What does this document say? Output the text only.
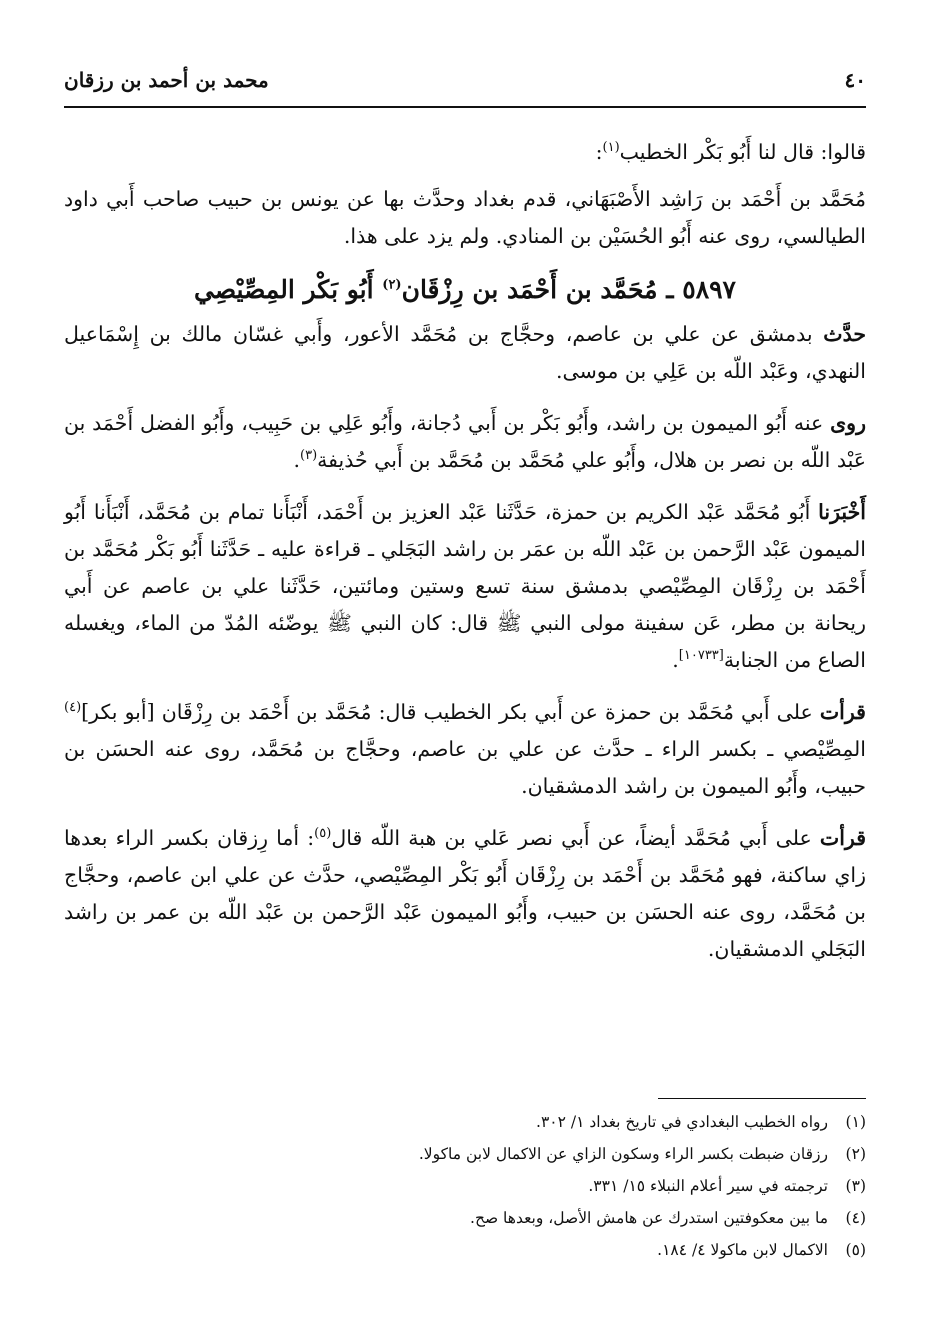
٤٠
محمد بن أحمد بن رزقان

قالوا: قال لنا أَبُو بَكْر الخطيب$^{(١)}$:

مُحَمَّد بن أَحْمَد بن رَاشِد الأَصْبَهَاني، قدم بغداد وحدَّث بها عن يونس بن حبيب صاحب أَبي داود الطيالسي، روى عنه أَبُو الحُسَيْن بن المنادي. ولم يزد على هذا.

٥٨٩٧ ـ مُحَمَّد بن أَحْمَد بن رِزْقَان$^{(٢)}$ أَبُو بَكْر المِصِّيْصِي

حدَّث بدمشق عن علي بن عاصم، وحجَّاج بن مُحَمَّد الأعور، وأَبي غسّان مالك بن إِسْمَاعيل النهدي، وعَبْد اللّه بن عَلِي بن موسى.

روى عنه أَبُو الميمون بن راشد، وأَبُو بَكْر بن أَبي دُجانة، وأَبُو عَلِي بن حَبِيب، وأَبُو الفضل أَحْمَد بن عَبْد اللّه بن نصر بن هلال، وأَبُو علي مُحَمَّد بن مُحَمَّد بن أَبي حُذيفة$^{(٣)}$.

أَخْبَرَنا أَبُو مُحَمَّد عَبْد الكريم بن حمزة، حَدَّثَنا عَبْد العزيز بن أَحْمَد، أَنْبَأَنا تمام بن مُحَمَّد، أَنْبَأَنا أَبُو الميمون عَبْد الرَّحمن بن عَبْد اللّه بن عمَر بن راشد البَجَلي ـ قراءة عليه ـ حَدَّثَنا أَبُو بَكْر مُحَمَّد بن أَحْمَد بن رِزْقَان المِصِّيْصي بدمشق سنة تسع وستين ومائتين، حَدَّثَنا علي بن عاصم عن أَبي ريحانة بن مطر، عَن سفينة مولى النبي ﷺ قال: كان النبي ﷺ يوضّئه المُدّ من الماء، ويغسله الصاع من الجنابة[١٠٧٣٣].

قرأت على أَبي مُحَمَّد بن حمزة عن أَبي بكر الخطيب قال: مُحَمَّد بن أَحْمَد بن رِزْقَان [أبو بكر]$^{(٤)}$ المِصِّيْصي ـ بكسر الراء ـ حدَّث عن علي بن عاصم، وحجَّاج بن مُحَمَّد، روى عنه الحسَن بن حبيب، وأَبُو الميمون بن راشد الدمشقيان.

قرأت على أَبي مُحَمَّد أيضاً، عن أَبي نصر عَلي بن هبة اللّه قال$^{(٥)}$: أما رِزقان بكسر الراء بعدها زاي ساكنة، فهو مُحَمَّد بن أَحْمَد بن رِزْقَان أَبُو بَكْر المِصِّيْصي، حدَّث عن علي ابن عاصم، وحجَّاج بن مُحَمَّد، روى عنه الحسَن بن حبيب، وأَبُو الميمون عَبْد الرَّحمن بن عَبْد اللّه بن عمر بن راشد البَجَلي الدمشقيان.

(١)رواه الخطيب البغدادي في تاريخ بغداد ١/ ٣٠٢.
(٢)رزقان ضبطت بكسر الراء وسكون الزاي عن الاكمال لابن ماكولا.
(٣)ترجمته في سير أعلام النبلاء ١٥/ ٣٣١.
(٤)ما بين معكوفتين استدرك عن هامش الأصل، وبعدها صح.
(٥)الاكمال لابن ماكولا ٤/ ١٨٤.
